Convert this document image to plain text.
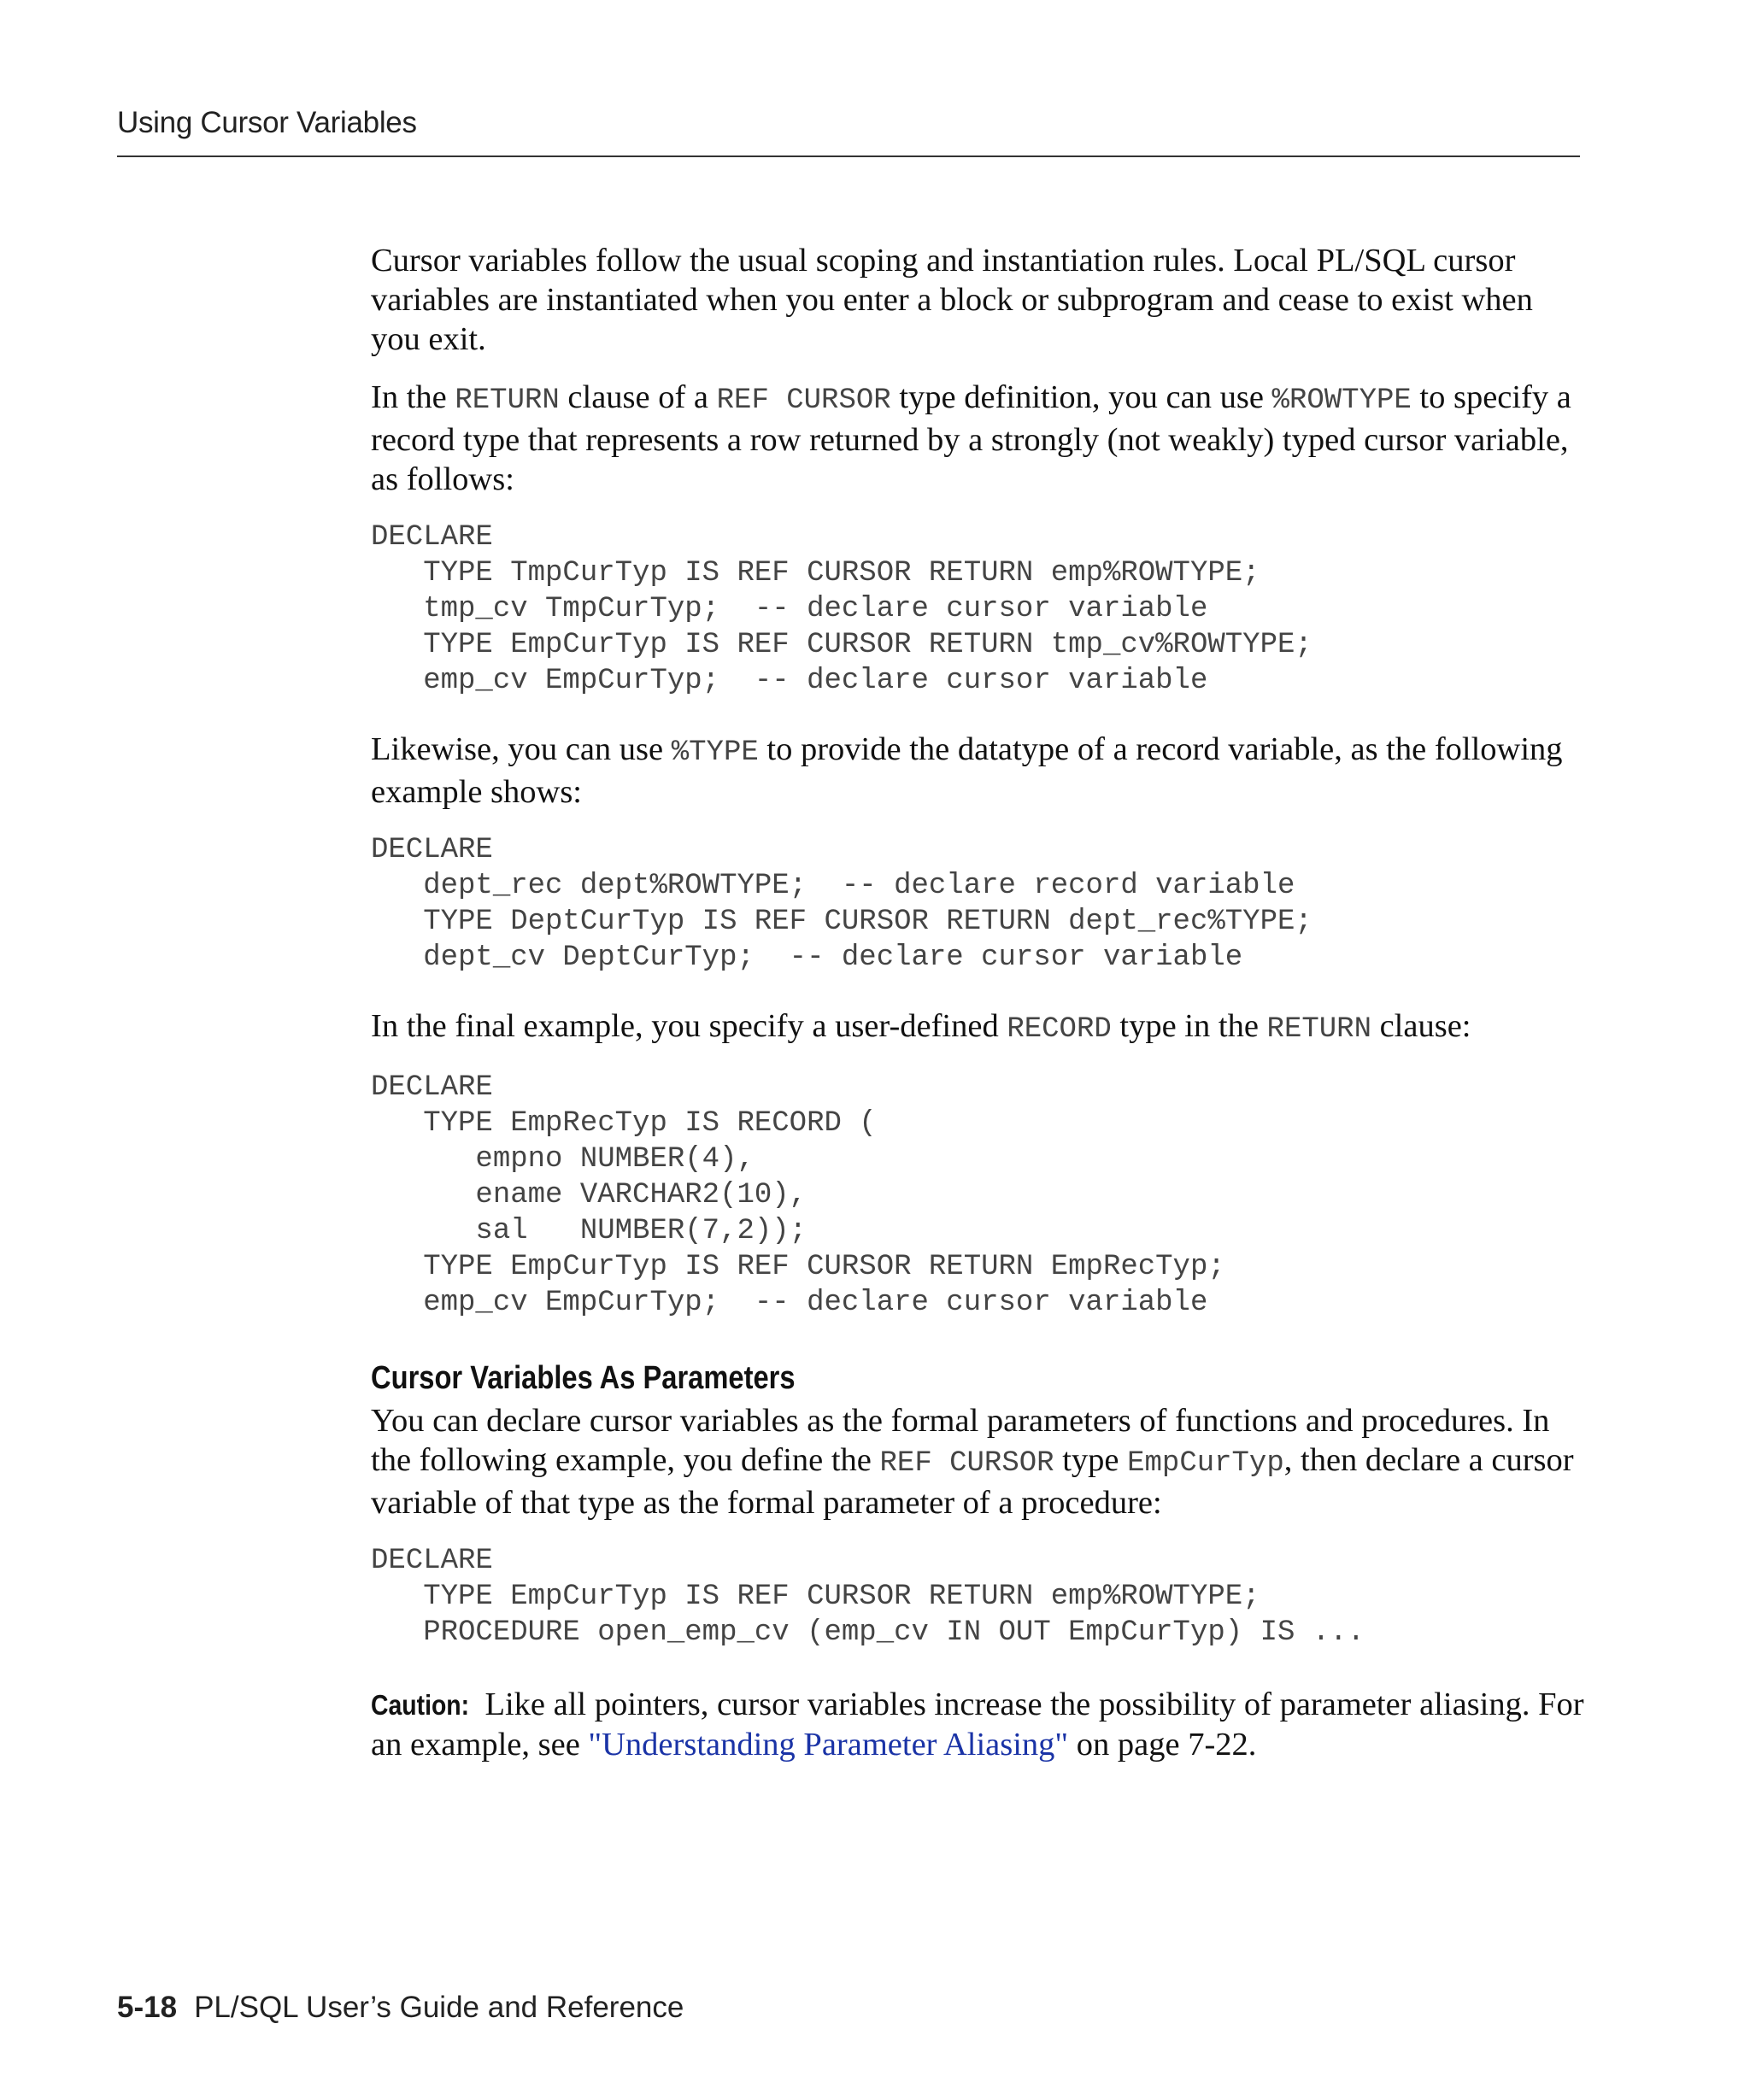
Using Cursor Variables

Cursor variables follow the usual scoping and instantiation rules. Local PL/SQL cursor variables are instantiated when you enter a block or subprogram and cease to exist when you exit.

In the RETURN clause of a REF CURSOR type definition, you can use %ROWTYPE to specify a record type that represents a row returned by a strongly (not weakly) typed cursor variable, as follows:

DECLARE
TYPE TmpCurTyp IS REF CURSOR RETURN emp%ROWTYPE;
tmp_cv TmpCurTyp;  -- declare cursor variable
TYPE EmpCurTyp IS REF CURSOR RETURN tmp_cv%ROWTYPE;
emp_cv EmpCurTyp;  -- declare cursor variable

Likewise, you can use %TYPE to provide the datatype of a record variable, as the following example shows:

DECLARE
dept_rec dept%ROWTYPE;  -- declare record variable
TYPE DeptCurTyp IS REF CURSOR RETURN dept_rec%TYPE;
dept_cv DeptCurTyp;  -- declare cursor variable

In the final example, you specify a user-defined RECORD type in the RETURN clause:

DECLARE
TYPE EmpRecTyp IS RECORD (
empno NUMBER(4),
ename VARCHAR2(10),
sal   NUMBER(7,2));
TYPE EmpCurTyp IS REF CURSOR RETURN EmpRecTyp;
emp_cv EmpCurTyp;  -- declare cursor variable
Cursor Variables As Parameters

You can declare cursor variables as the formal parameters of functions and procedures. In the following example, you define the REF CURSOR type EmpCurTyp, then declare a cursor variable of that type as the formal parameter of a procedure:

DECLARE
TYPE EmpCurTyp IS REF CURSOR RETURN emp%ROWTYPE;
PROCEDURE open_emp_cv (emp_cv IN OUT EmpCurTyp) IS ...

Caution: Like all pointers, cursor variables increase the possibility of parameter aliasing. For an example, see "Understanding Parameter Aliasing" on page 7-22.

5-18 PL/SQL User’s Guide and Reference
